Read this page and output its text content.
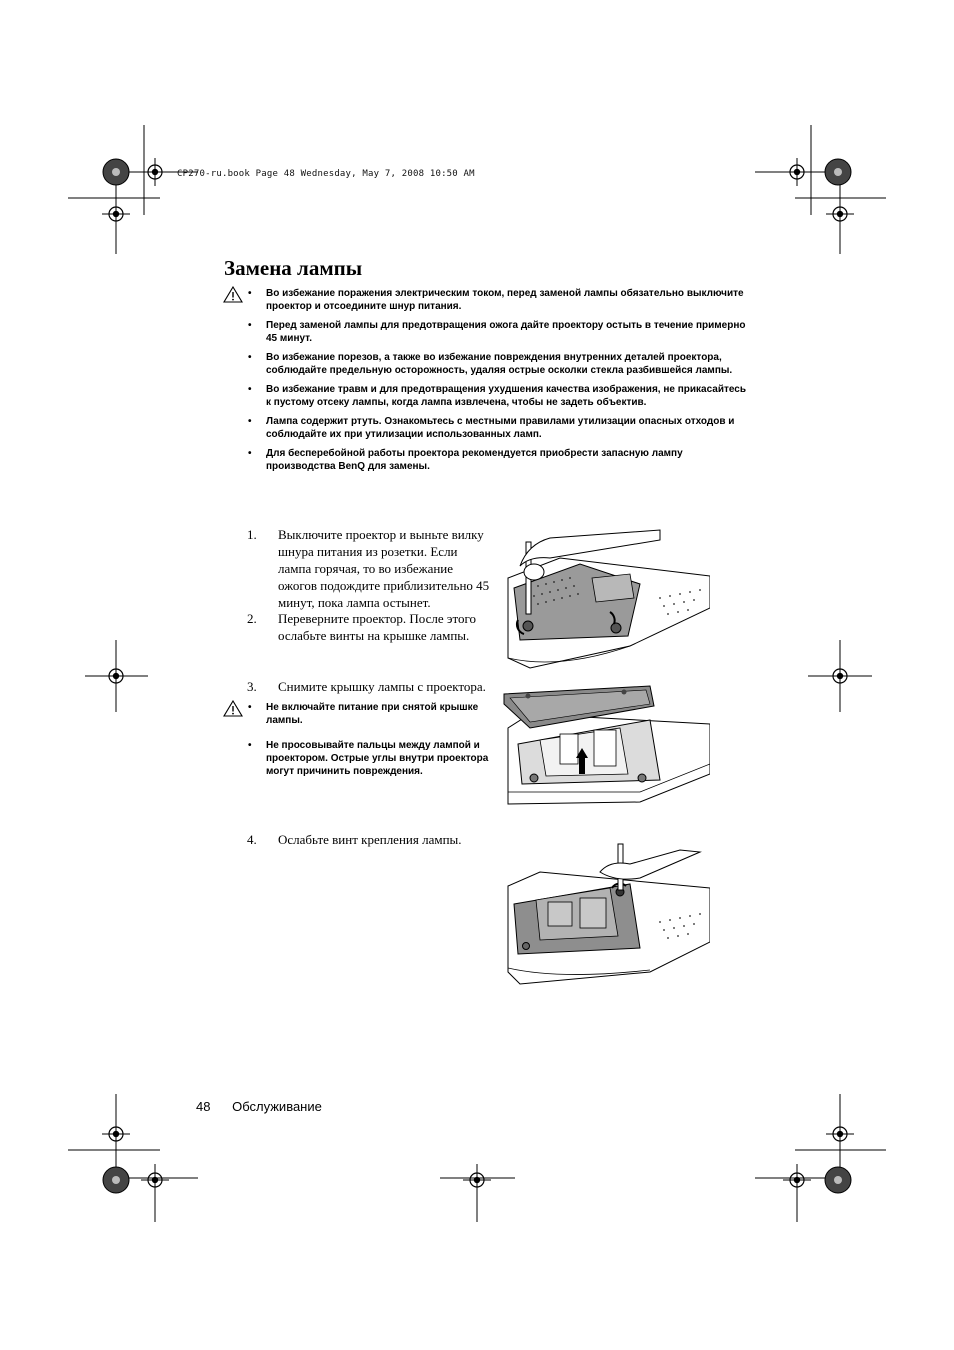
CP270-ru.book Page 48 Wednesday, May 7, 2008 10:50 AM
Замена лампы
• Во избежание поражения электрическим током, перед заменой лампы обязательно выключите проектор и отсоедините шнур питания.
• Перед заменой лампы для предотвращения ожога дайте проектору остыть в течение примерно 45 минут.
• Во избежание порезов, а также во избежание повреждения внутренних деталей проектора, соблюдайте предельную осторожность, удаляя острые осколки стекла разбившейся лампы.
• Во избежание травм и для предотвращения ухудшения качества изображения, не прикасайтесь к пустому отсеку лампы, когда лампа извлечена, чтобы не задеть объектив.
• Лампа содержит ртуть. Ознакомьтесь с местными правилами утилизации опасных отходов и соблюдайте их при утилизации использованных ламп.
• Для бесперебойной работы проектора рекомендуется приобрести запасную лампу производства BenQ для замены.
1. Выключите проектор и выньте вилку шнура питания из розетки. Если лампа горячая, то во избежание ожогов подождите приблизительно 45 минут, пока лампа остынет.
2. Переверните проектор. После этого ослабьте винты на крышке лампы.
3. Снимите крышку лампы с проектора.
4. Ослабьте винт крепления лампы.
• Не включайте питание при снятой крышке лампы.
• Не просовывайте пальцы между лампой и проектором. Острые углы внутри проектора могут причинить повреждения.
48 Обслуживание
